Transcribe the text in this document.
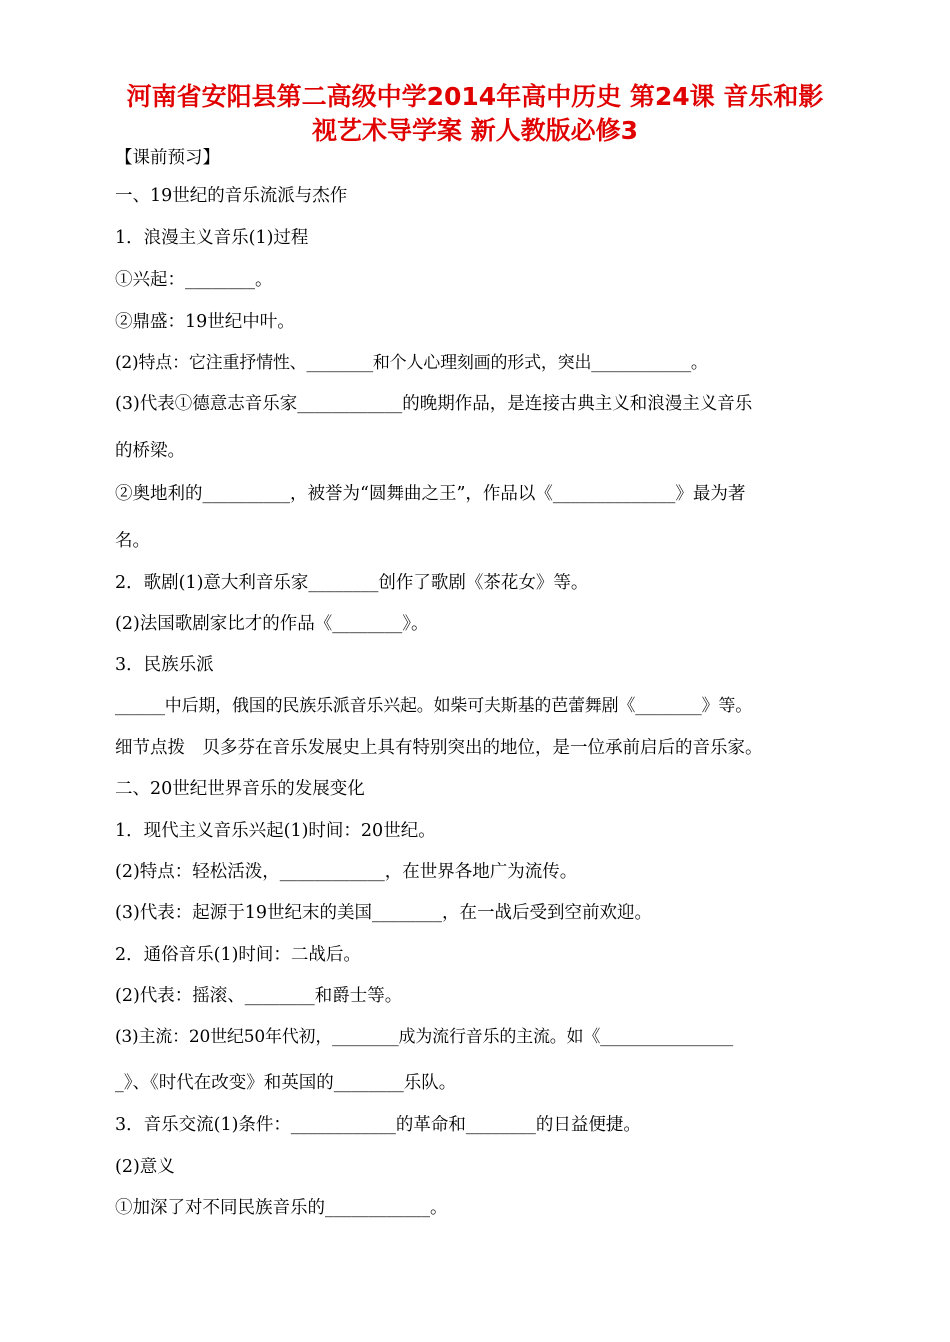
河南省安阳县第二高级中学2014年高中历史 第24课 音乐和影
视艺术导学案 新人教版必修3
【课前预习】
一、19世纪的音乐流派与杰作
1．浪漫主义音乐(1)过程
①兴起：________。
②鼎盛：19世纪中叶。
(2)特点：它注重抒情性、________和个人心理刻画的形式，突出____________。
(3)代表①德意志音乐家____________的晚期作品，是连接古典主义和浪漫主义音乐
的桥梁。
②奥地利的__________，被誉为“圆舞曲之王”，作品以《______________》最为著
名。
2．歌剧(1)意大利音乐家________创作了歌剧《茶花女》等。
(2)法国歌剧家比才的作品《________》。
3．民族乐派
______中后期，俄国的民族乐派音乐兴起。如柴可夫斯基的芭蕾舞剧《________》等。
细节点拨　贝多芬在音乐发展史上具有特别突出的地位，是一位承前启后的音乐家。
二、20世纪世界音乐的发展变化
1．现代主义音乐兴起(1)时间：20世纪。
(2)特点：轻松活泼，____________，在世界各地广为流传。
(3)代表：起源于19世纪末的美国________，在一战后受到空前欢迎。
2．通俗音乐(1)时间：二战后。
(2)代表：摇滚、________和爵士等。
(3)主流：20世纪50年代初，________成为流行音乐的主流。如《________________
_》、《时代在改变》和英国的________乐队。
3．音乐交流(1)条件：____________的革命和________的日益便捷。
(2)意义
①加深了对不同民族音乐的____________。
